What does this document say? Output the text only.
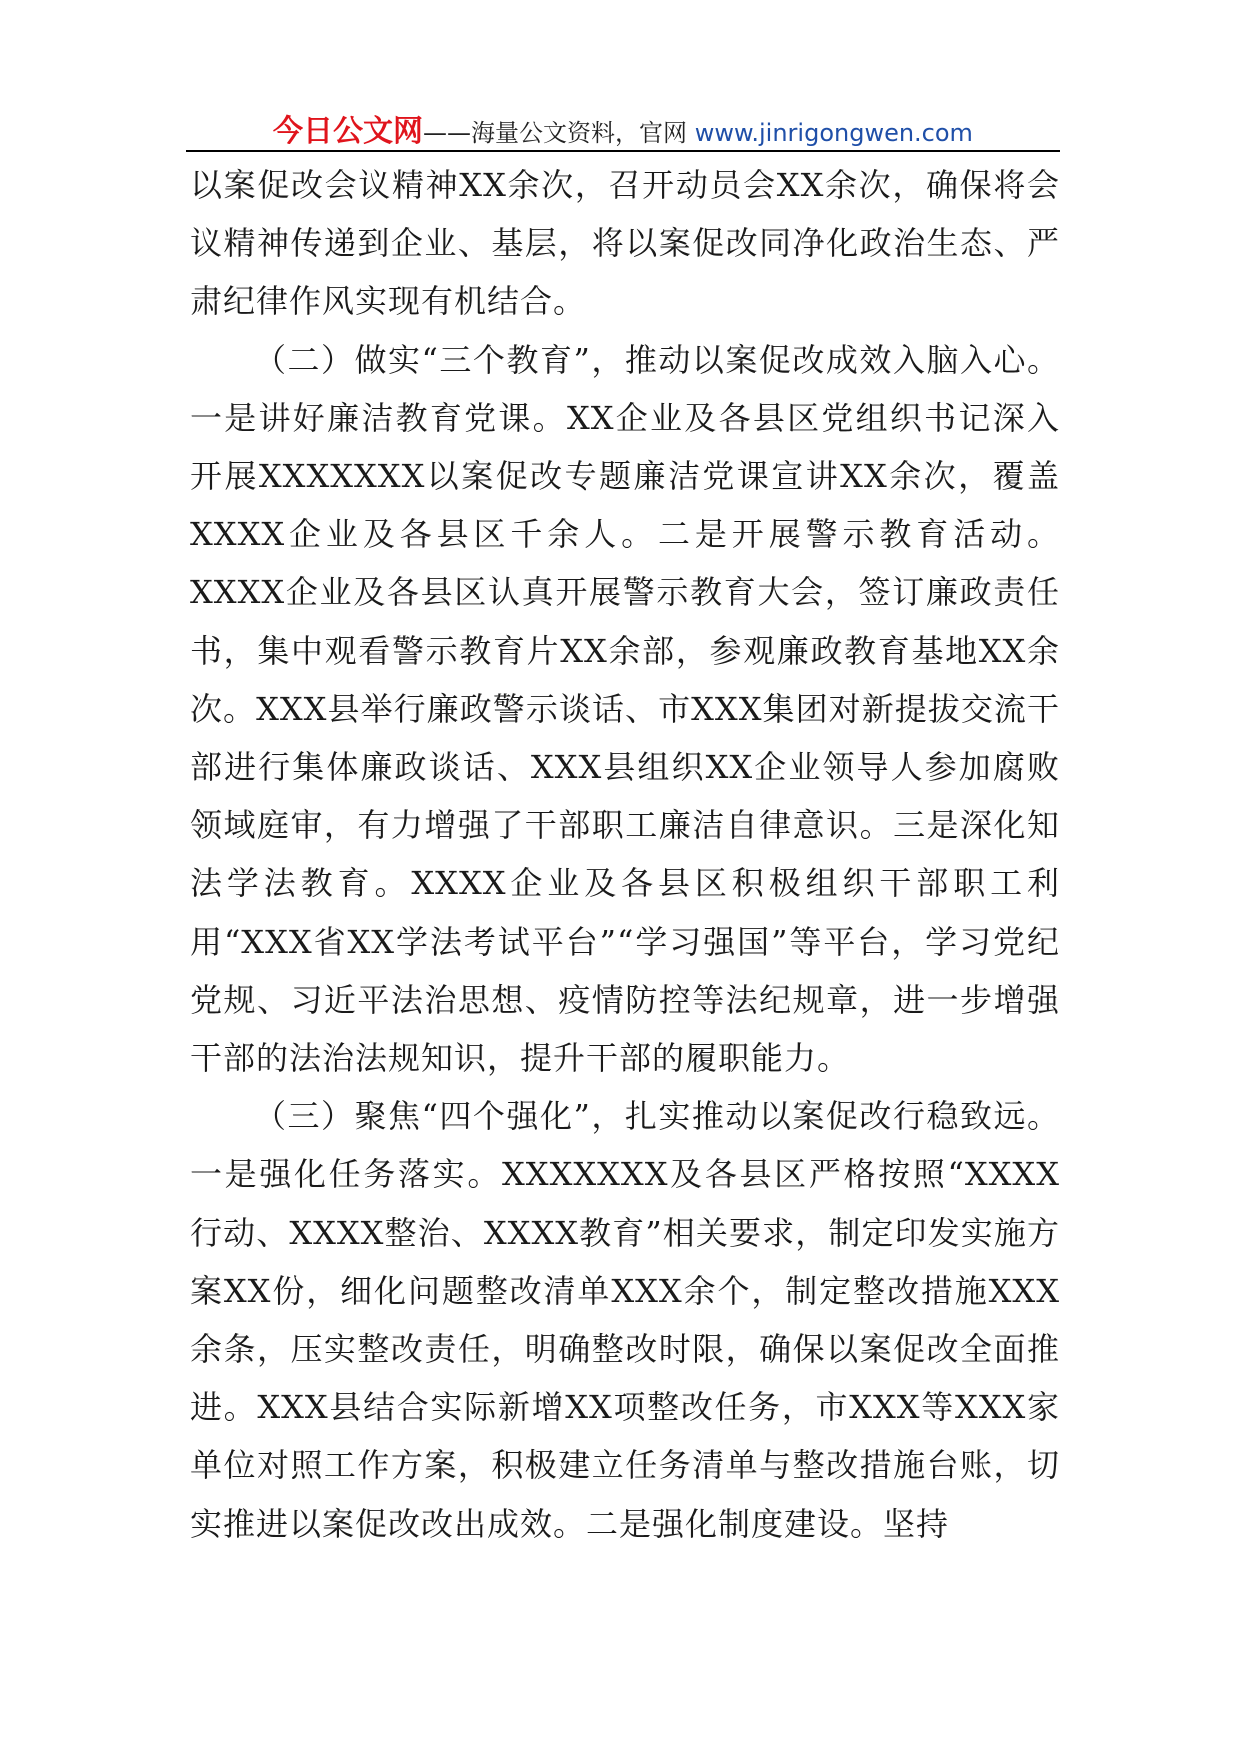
今日公文网——海量公文资料，官网 www.jinrigongwen.com

以案促改会议精神XX余次，召开动员会XX余次，确保将会议精神传递到企业、基层，将以案促改同净化政治生态、严肃纪律作风实现有机结合。

（二）做实“三个教育”，推动以案促改成效入脑入心。一是讲好廉洁教育党课。XX企业及各县区党组织书记深入开展XXXXXXX以案促改专题廉洁党课宣讲XX余次，覆盖XXXX企业及各县区千余人。二是开展警示教育活动。XXXX企业及各县区认真开展警示教育大会，签订廉政责任书，集中观看警示教育片XX余部，参观廉政教育基地XX余次。XXX县举行廉政警示谈话、市XXX集团对新提拔交流干部进行集体廉政谈话、XXX县组织XX企业领导人参加腐败领域庭审，有力增强了干部职工廉洁自律意识。三是深化知法学法教育。XXXX企业及各县区积极组织干部职工利用“XXX省XX学法考试平台”“学习强国”等平台，学习党纪党规、习近平法治思想、疫情防控等法纪规章，进一步增强干部的法治法规知识，提升干部的履职能力。

（三）聚焦“四个强化”，扎实推动以案促改行稳致远。一是强化任务落实。XXXXXXX及各县区严格按照“XXXX行动、XXXX整治、XXXX教育”相关要求，制定印发实施方案XX份，细化问题整改清单XXX余个，制定整改措施XXX余条，压实整改责任，明确整改时限，确保以案促改全面推进。XXX县结合实际新增XX项整改任务，市XXX等XXX家单位对照工作方案，积极建立任务清单与整改措施台账，切实推进以案促改改出成效。二是强化制度建设。坚持
